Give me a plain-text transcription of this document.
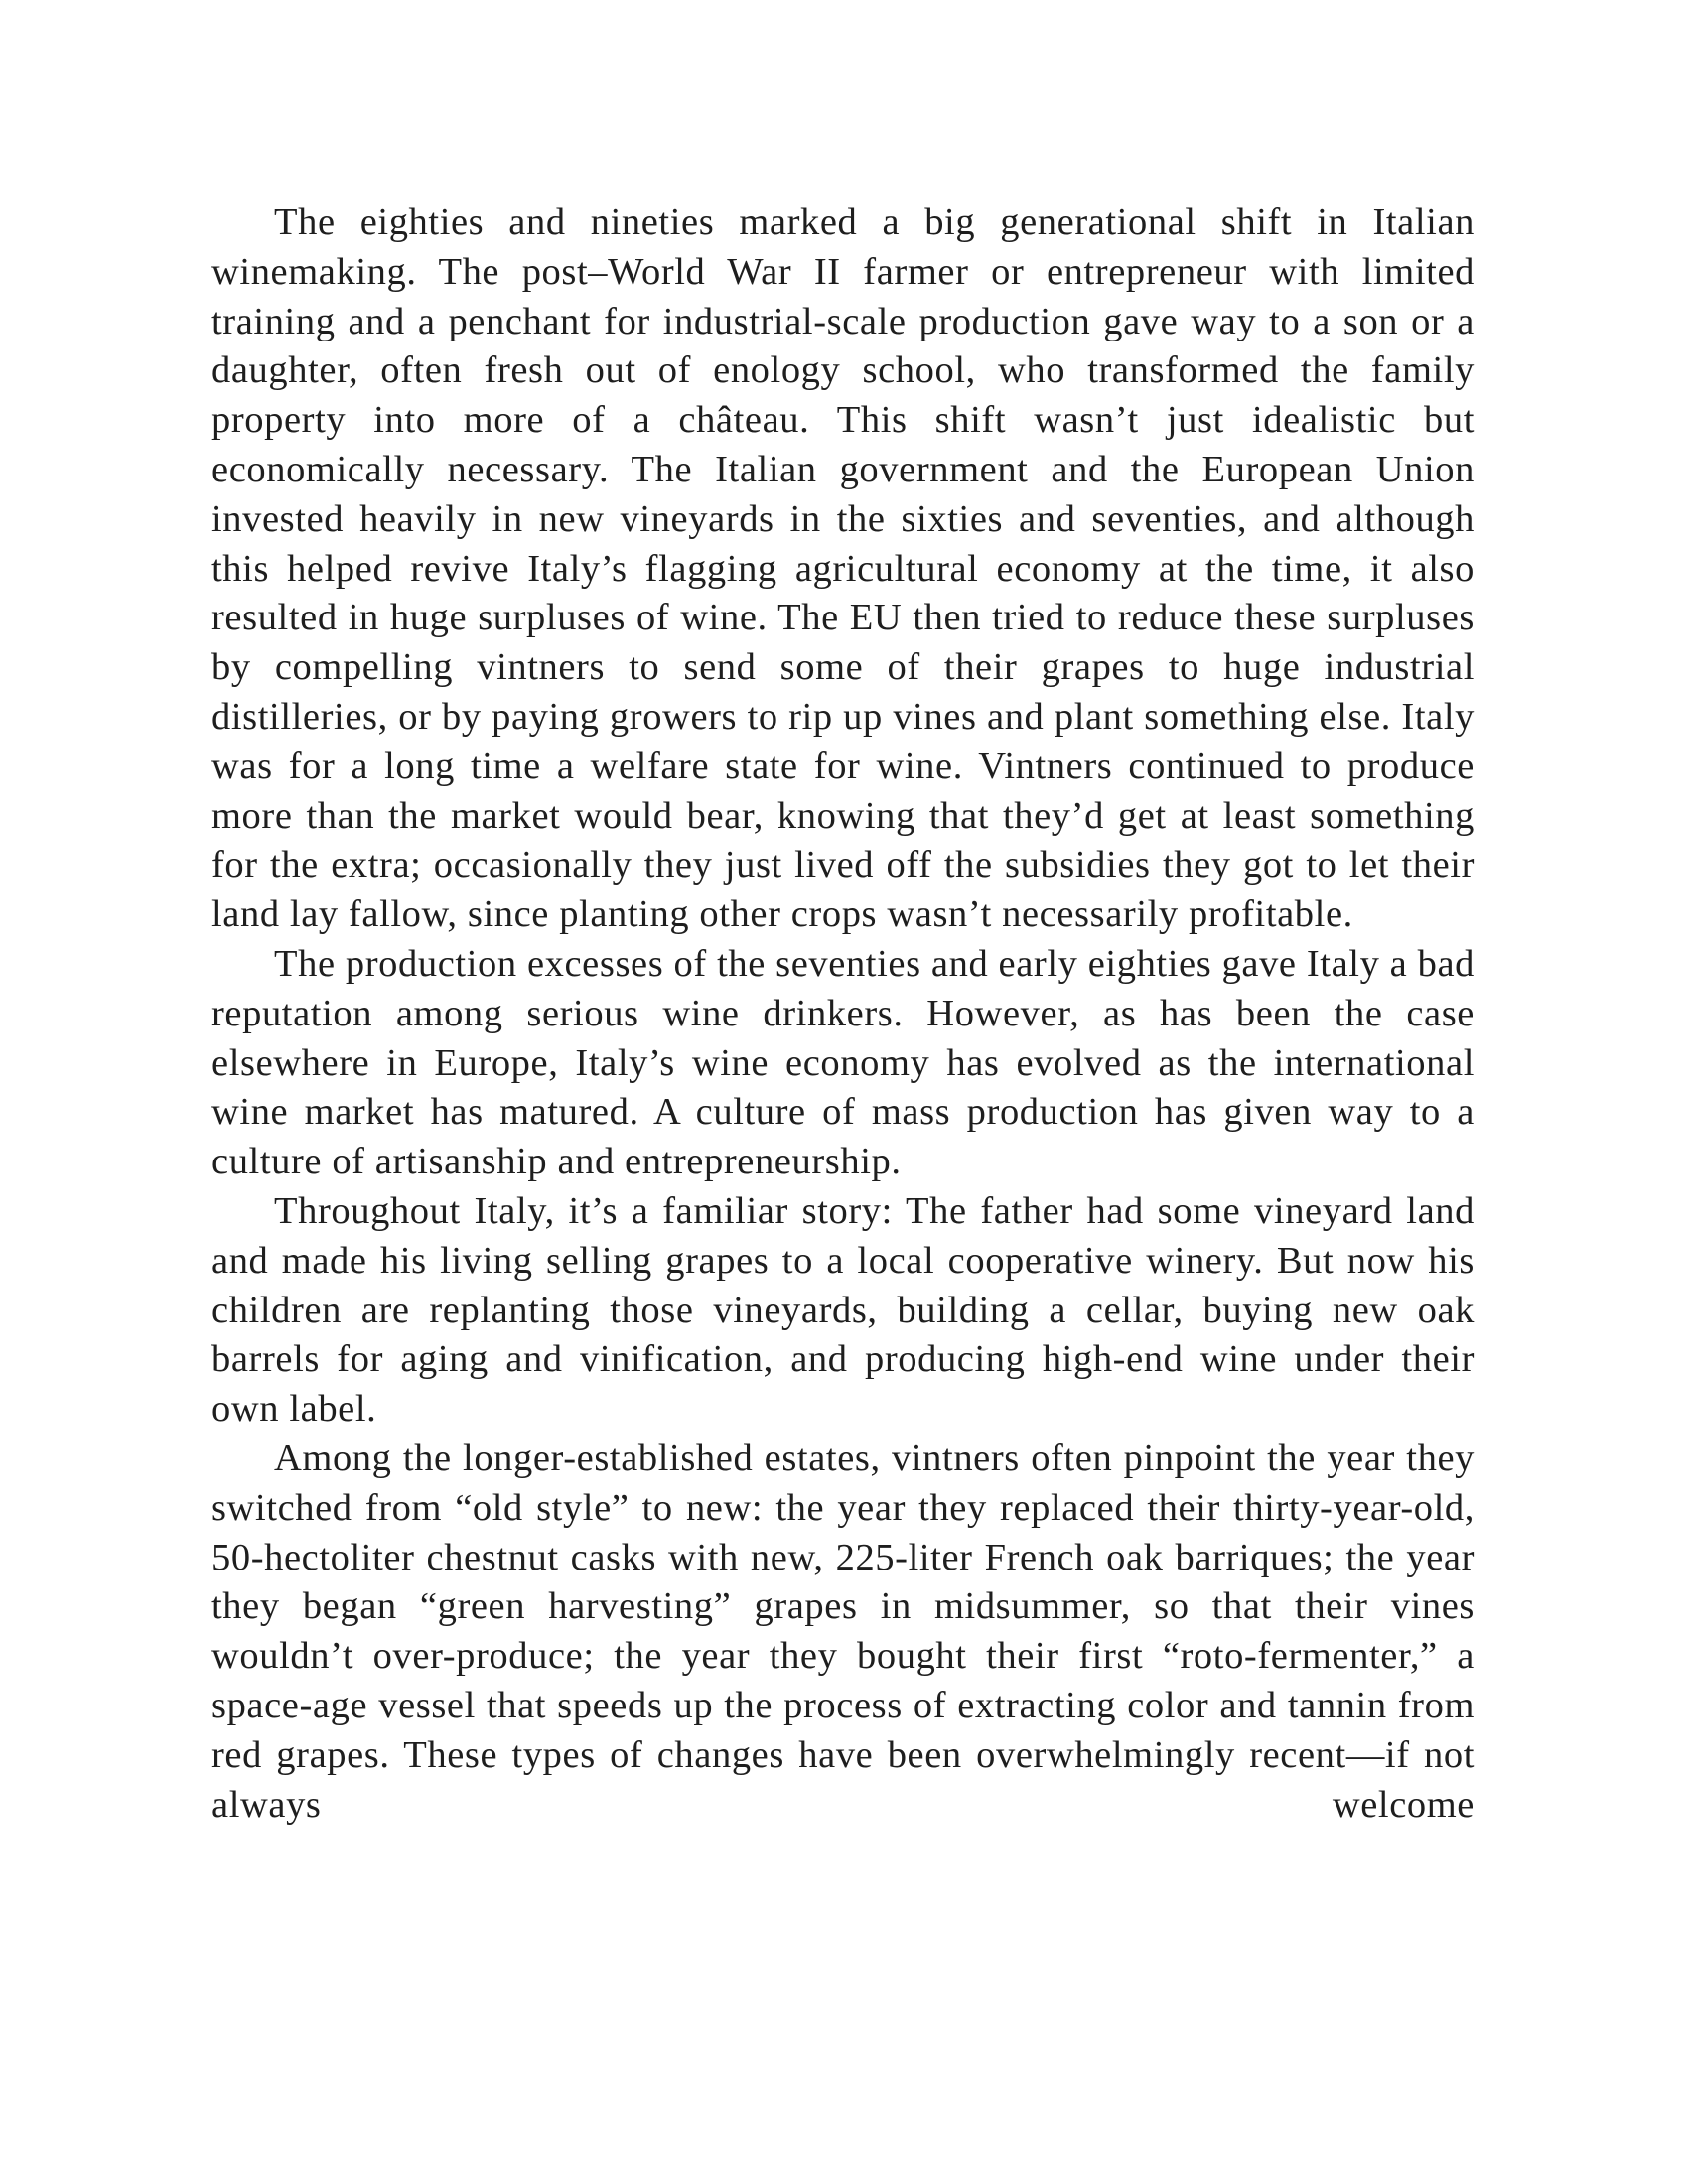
The eighties and nineties marked a big generational shift in Italian winemaking. The post–World War II farmer or entrepreneur with limited training and a penchant for industrial-scale production gave way to a son or a daughter, often fresh out of enology school, who transformed the family property into more of a château. This shift wasn’t just idealistic but economically necessary. The Italian government and the European Union invested heavily in new vineyards in the sixties and seventies, and although this helped revive Italy’s flagging agricultural economy at the time, it also resulted in huge surpluses of wine. The EU then tried to reduce these surpluses by compelling vintners to send some of their grapes to huge industrial distilleries, or by paying growers to rip up vines and plant something else. Italy was for a long time a welfare state for wine. Vintners continued to produce more than the market would bear, knowing that they’d get at least something for the extra; occasionally they just lived off the subsidies they got to let their land lay fallow, since planting other crops wasn’t necessarily profitable.

The production excesses of the seventies and early eighties gave Italy a bad reputation among serious wine drinkers. However, as has been the case elsewhere in Europe, Italy’s wine economy has evolved as the international wine market has matured. A culture of mass production has given way to a culture of artisanship and entrepreneurship.

Throughout Italy, it’s a familiar story: The father had some vineyard land and made his living selling grapes to a local cooperative winery. But now his children are replanting those vineyards, building a cellar, buying new oak barrels for aging and vinification, and producing high-end wine under their own label.

Among the longer-established estates, vintners often pinpoint the year they switched from “old style” to new: the year they replaced their thirty-year-old, 50-hectoliter chestnut casks with new, 225-liter French oak barriques; the year they began “green harvesting” grapes in midsummer, so that their vines wouldn’t over-produce; the year they bought their first “roto-fermenter,” a space-age vessel that speeds up the process of extracting color and tannin from red grapes. These types of changes have been overwhelmingly recent—if not always welcome
